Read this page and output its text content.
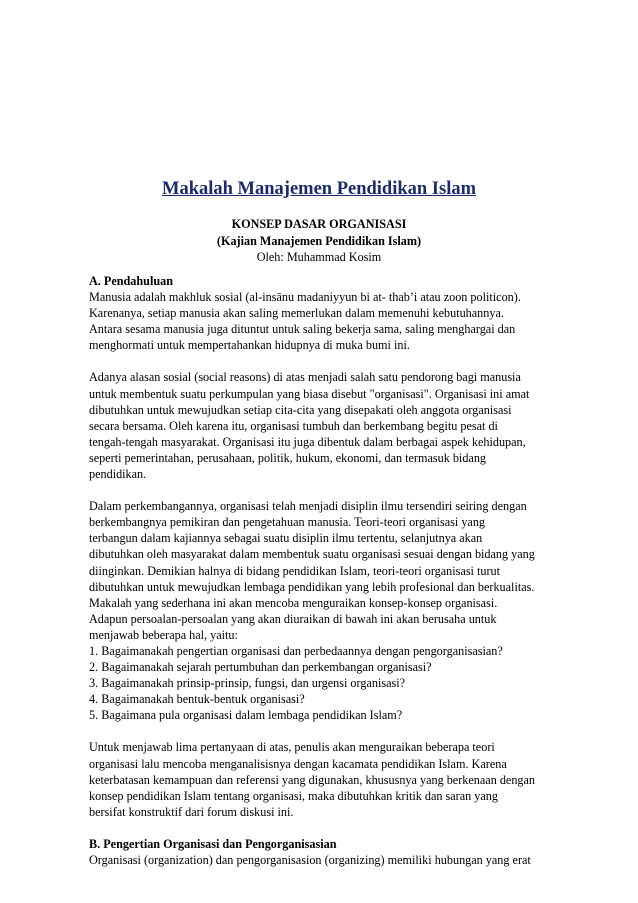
Makalah Manajemen Pendidikan Islam
KONSEP DASAR ORGANISASI
(Kajian Manajemen Pendidikan Islam)
Oleh: Muhammad Kosim

A. Pendahuluan

Manusia adalah makhluk sosial (al-insānu madaniyyun bi at- thab’i atau zoon politicon).
Karenanya, setiap manusia akan saling memerlukan dalam memenuhi kebutuhannya.
Antara sesama manusia juga dituntut untuk saling bekerja sama, saling menghargai dan
menghormati untuk mempertahankan hidupnya di muka bumi ini.
Adanya alasan sosial (social reasons) di atas menjadi salah satu pendorong bagi manusia
untuk membentuk suatu perkumpulan yang biasa disebut "organisasi". Organisasi ini amat
dibutuhkan untuk mewujudkan setiap cita-cita yang disepakati oleh anggota organisasi
secara bersama. Oleh karena itu, organisasi tumbuh dan berkembang begitu pesat di
tengah-tengah masyarakat. Organisasi itu juga dibentuk dalam berbagai aspek kehidupan,
seperti pemerintahan, perusahaan, politik, hukum, ekonomi, dan termasuk bidang
pendidikan.
Dalam perkembangannya, organisasi telah menjadi disiplin ilmu tersendiri seiring dengan
berkembangnya pemikiran dan pengetahuan manusia. Teori-teori organisasi yang
terbangun dalam kajiannya sebagai suatu disiplin ilmu tertentu, selanjutnya akan
dibutuhkan oleh masyarakat dalam membentuk suatu organisasi sesuai dengan bidang yang
diinginkan. Demikian halnya di bidang pendidikan Islam, teori-teori organisasi turut
dibutuhkan untuk mewujudkan lembaga pendidikan yang lebih profesional dan berkualitas.
Makalah yang sederhana ini akan mencoba menguraikan konsep-konsep organisasi.
Adapun persoalan-persoalan yang akan diuraikan di bawah ini akan berusaha untuk
menjawab beberapa hal, yaitu:
1. Bagaimanakah pengertian organisasi dan perbedaannya dengan pengorganisasian?
2. Bagaimanakah sejarah pertumbuhan dan perkembangan organisasi?
3. Bagaimanakah prinsip-prinsip, fungsi, dan urgensi organisasi?
4. Bagaimanakah bentuk-bentuk organisasi?
5. Bagaimana pula organisasi dalam lembaga pendidikan Islam?
Untuk menjawab lima pertanyaan di atas, penulis akan menguraikan beberapa teori
organisasi lalu mencoba menganalisisnya dengan kacamata pendidikan Islam. Karena
keterbatasan kemampuan dan referensi yang digunakan, khususnya yang berkenaan dengan
konsep pendidikan Islam tentang organisasi, maka dibutuhkan kritik dan saran yang
bersifat konstruktif dari forum diskusi ini.

B. Pengertian Organisasi dan Pengorganisasian

Organisasi (organization) dan pengorganisasion (organizing) memiliki hubungan yang erat
